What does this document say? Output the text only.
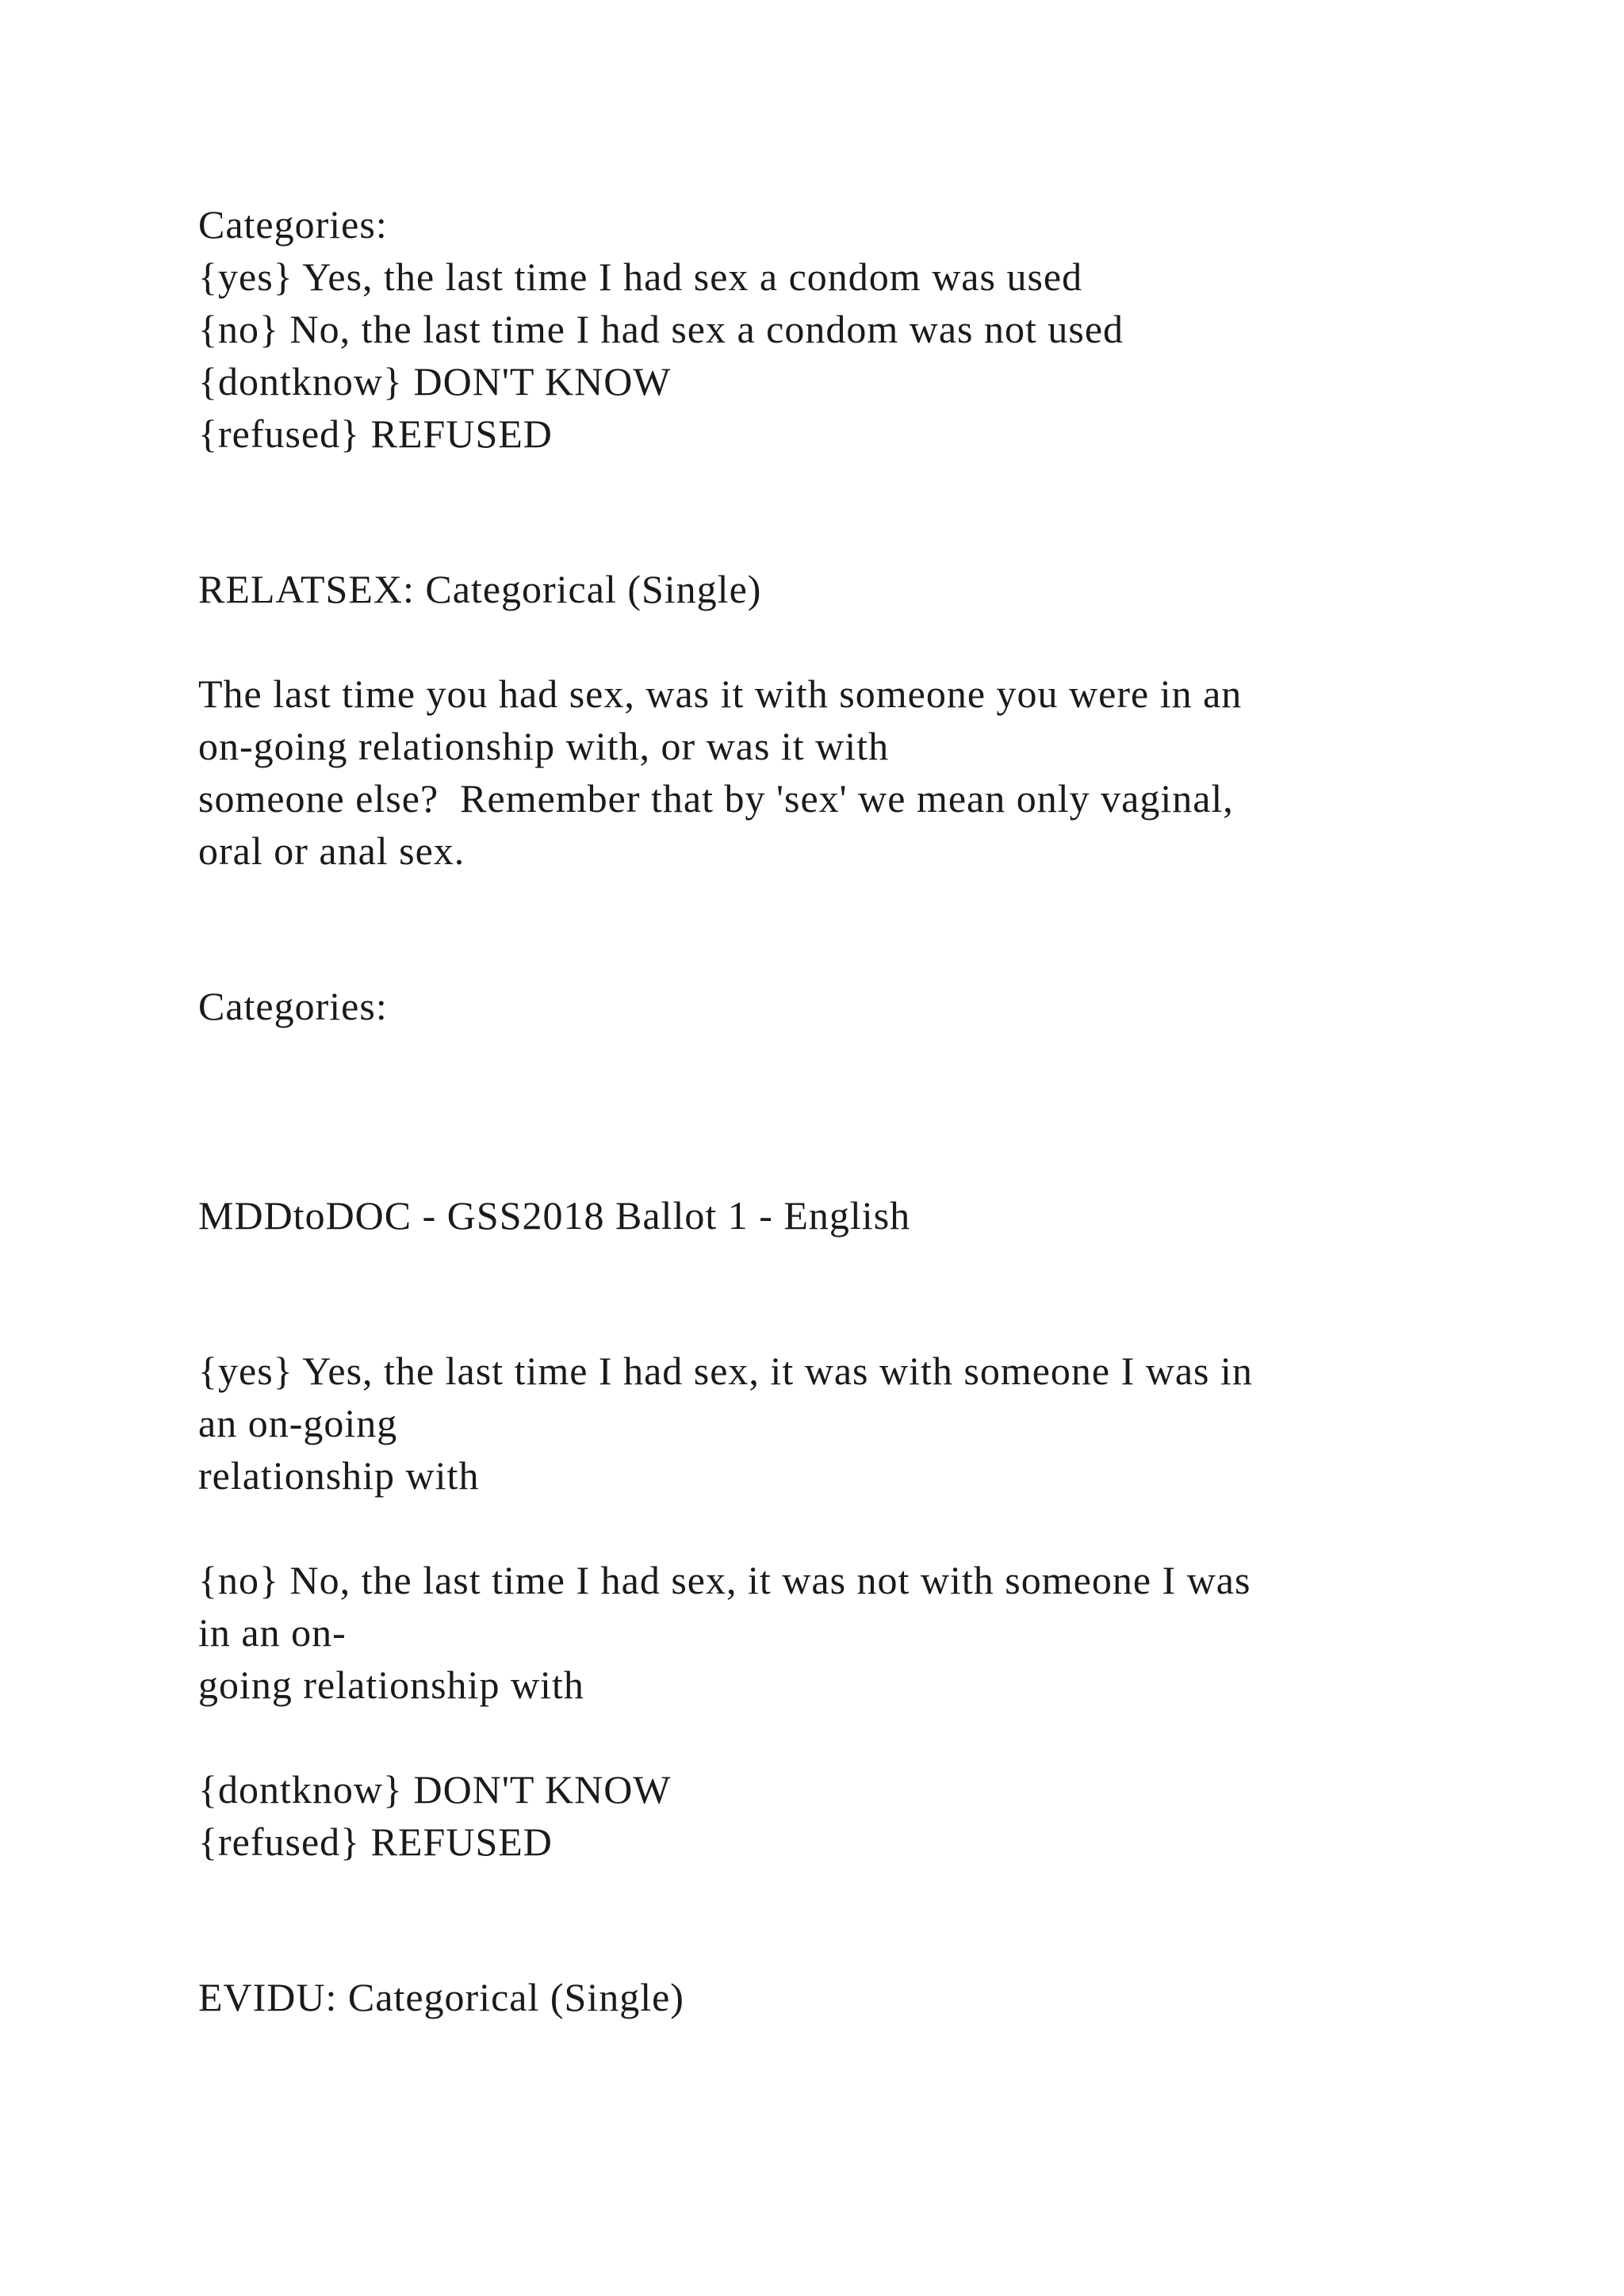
Categories:
{yes} Yes, the last time I had sex a condom was used
{no} No, the last time I had sex a condom was not used
{dontknow} DON'T KNOW
{refused} REFUSED
RELATSEX: Categorical (Single)
The last time you had sex, was it with someone you were in an
on-going relationship with, or was it with
someone else?  Remember that by 'sex' we mean only vaginal,
oral or anal sex.
Categories:
MDDtoDOC - GSS2018 Ballot 1 - English
{yes} Yes, the last time I had sex, it was with someone I was in
an on-going
relationship with
{no} No, the last time I had sex, it was not with someone I was
in an on-
going relationship with
{dontknow} DON'T KNOW
{refused} REFUSED
EVIDU: Categorical (Single)
